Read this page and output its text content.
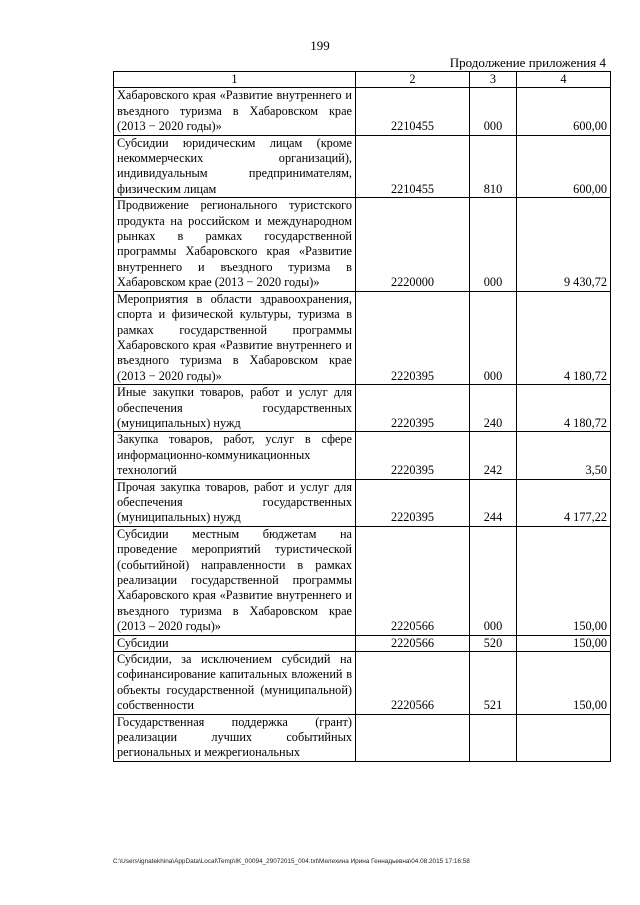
199
Продолжение приложения 4
1	2	3	4
Хабаровского края «Развитие внутреннего и въездного туризма в Хабаровском крае (2013 − 2020 годы)»	2210455	000	600,00
Субсидии юридическим лицам (кроме некоммерческих организаций), индивидуальным предпринимателям, физическим лицам	2210455	810	600,00
Продвижение регионального туристского продукта на российском и международном рынках в рамках государственной программы Хабаровского края «Развитие внутреннего и въездного туризма в Хабаровском крае (2013 − 2020 годы)»	2220000	000	9 430,72
Мероприятия в области здравоохранения, спорта и физической культуры, туризма в рамках государственной программы Хабаровского края «Развитие внутреннего и въездного туризма в Хабаровском крае (2013 − 2020 годы)»	2220395	000	4 180,72
Иные закупки товаров, работ и услуг для обеспечения государственных (муниципальных) нужд	2220395	240	4 180,72
Закупка товаров, работ, услуг в сфере информационно-коммуникационных технологий	2220395	242	3,50
Прочая закупка товаров, работ и услуг для обеспечения государственных (муниципальных) нужд	2220395	244	4 177,22
Субсидии местным бюджетам на проведение мероприятий туристической (событийной) направленности в рамках реализации государственной программы Хабаровского края «Развитие внутреннего и въездного туризма в Хабаровском крае (2013 – 2020 годы)»	2220566	000	150,00
Субсидии	2220566	520	150,00
Субсидии, за исключением субсидий на софинансирование капитальных вложений в объекты государственной (муниципальной) собственности	2220566	521	150,00
Государственная поддержка (грант) реализации лучших событийных региональных и межрегиональных			
C:\Users\ignatekhina\AppData\Local\Temp\IK_00094_29072015_004.txt\Мелехина Ирина Геннадьевна\04.08.2015 17:16:58
